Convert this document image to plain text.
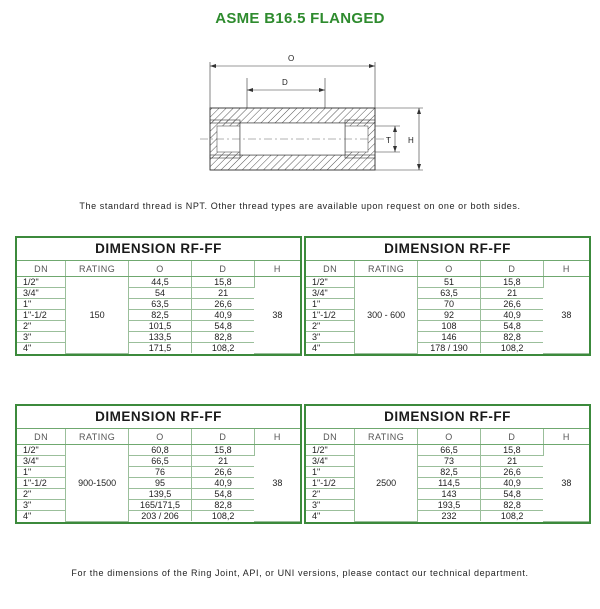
ASME B16.5 FLANGED
O
D
T H
The standard thread is NPT. Other thread types are available upon request on one or both sides.
DIMENSION RF-FF
DN	RATING	O	D	H
1/2"	150	44,5	15,8	38
3/4"		54	21	
1"		63,5	26,6	
1"-1/2		82,5	40,9	
2"		101,5	54,8	
3"		133,5	82,8	
4"		171,5	108,2	
DIMENSION RF-FF
DN	RATING	O	D	H
1/2"	300 - 600	51	15,8	38
3/4"		63,5	21	
1"		70	26,6	
1"-1/2		92	40,9	
2"		108	54,8	
3"		146	82,8	
4"		178 / 190	108,2	
DIMENSION RF-FF
DN	RATING	O	D	H
1/2"	900-1500	60,8	15,8	38
3/4"		66,5	21	
1"		76	26,6	
1"-1/2		95	40,9	
2"		139,5	54,8	
3"		165/171,5	82,8	
4"		203 / 206	108,2	
DIMENSION RF-FF
DN	RATING	O	D	H
1/2"	2500	66,5	15,8	38
3/4"		73	21	
1"		82,5	26,6	
1"-1/2		114,5	40,9	
2"		143	54,8	
3"		193,5	82,8	
4"		232	108,2	
For the dimensions of the Ring Joint, API, or UNI versions, please contact our technical department.
